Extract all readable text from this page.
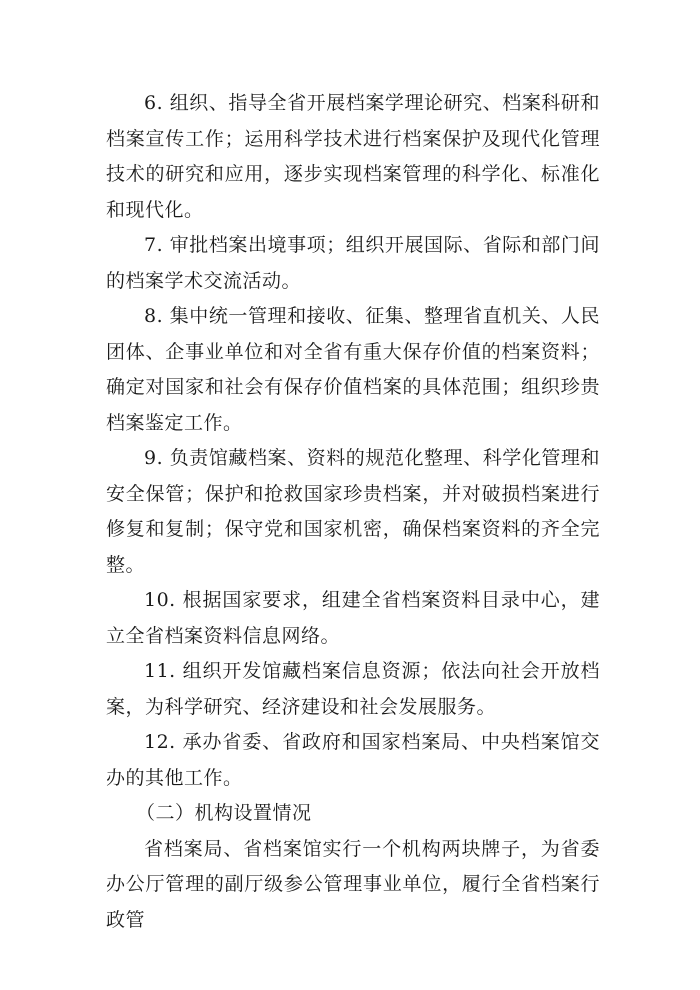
6. 组织、指导全省开展档案学理论研究、档案科研和档案宣传工作；运用科学技术进行档案保护及现代化管理技术的研究和应用，逐步实现档案管理的科学化、标准化和现代化。

7. 审批档案出境事项；组织开展国际、省际和部门间的档案学术交流活动。

8. 集中统一管理和接收、征集、整理省直机关、人民团体、企事业单位和对全省有重大保存价值的档案资料；确定对国家和社会有保存价值档案的具体范围；组织珍贵档案鉴定工作。

9. 负责馆藏档案、资料的规范化整理、科学化管理和安全保管；保护和抢救国家珍贵档案，并对破损档案进行修复和复制；保守党和国家机密，确保档案资料的齐全完整。

10. 根据国家要求，组建全省档案资料目录中心，建立全省档案资料信息网络。

11. 组织开发馆藏档案信息资源；依法向社会开放档案，为科学研究、经济建设和社会发展服务。

12. 承办省委、省政府和国家档案局、中央档案馆交办的其他工作。

（二）机构设置情况

省档案局、省档案馆实行一个机构两块牌子，为省委办公厅管理的副厅级参公管理事业单位，履行全省档案行政管
